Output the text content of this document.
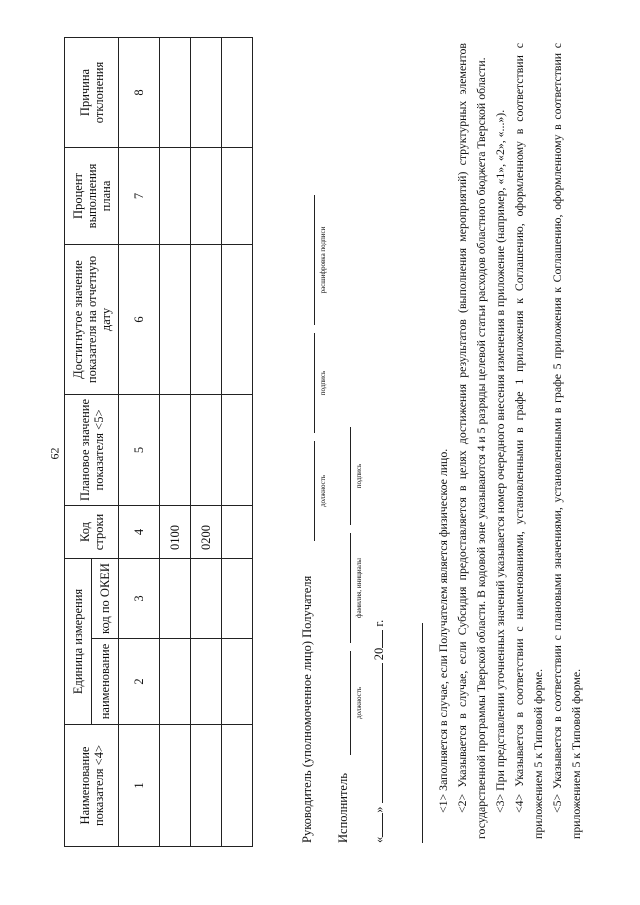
62
Наименование показателя <4>	Единица измерения		Код строки	Плановое значение показателя <5>	Достигнутое значение показателя на отчетную дату	Процент выполнения плана	Причина отклонения
	наименование	код по ОКЕИ					
1	2	3	4	5	6	7	8
			0100				
			0200				

Руководитель (уполномоченное лицо) Получателя
должность
подпись
расшифровка подписи
Исполнитель
должность
фамилия, инициалы
подпись
«»  20 г.	<1> Заполняется в случае, если Получателем является физическое лицо. <2> Указывается в случае, если Субсидия предоставляется в целях достижения результатов (выполнения мероприятий) структурных элементов государственной программы Тверской области. В кодовой зоне указываются 4 и 5 разряды целевой статьи расходов областного бюджета Тверской области. <3> При представлении уточненных значений указывается номер очередного внесения изменения в приложение (например, «1», «2», «...»). <4> Указывается в соответствии с наименованиями, установленными в графе 1 приложения к Соглашению, оформленному в соответствии с приложением 5 к Типовой форме. <5> Указывается в соответствии с плановыми значениями, установленными в графе 5 приложения к Соглашению, оформленному в соответствии с приложением 5 к Типовой форме.
